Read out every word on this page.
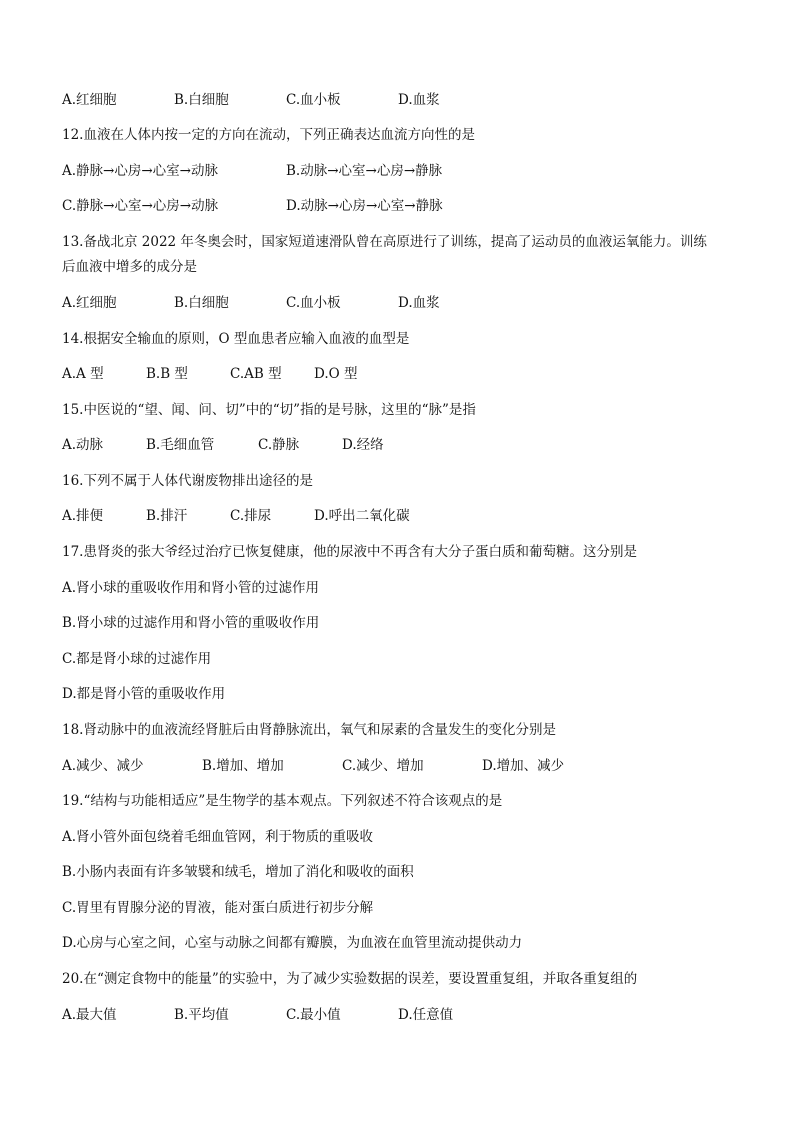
A.红细胞	B.白细胞	C.血小板	D.血浆
12.血液在人体内按一定的方向在流动，下列正确表达血流方向性的是
A.静脉→心房→心室→动脉	B.动脉→心室→心房→静脉
C.静脉→心室→心房→动脉	D.动脉→心房→心室→静脉
13.备战北京 2022 年冬奥会时，国家短道速滑队曾在高原进行了训练，提高了运动员的血液运氧能力。训练
后血液中增多的成分是
A.红细胞	B.白细胞	C.血小板	D.血浆
14.根据安全输血的原则，O 型血患者应输入血液的血型是
A.A 型	B.B 型	C.AB 型 D.O 型
15.中医说的“望、闻、问、切”中的“切”指的是号脉，这里的“脉”是指
A.动脉	B.毛细血管	C.静脉	D.经络
16.下列不属于人体代谢废物排出途径的是
A.排便	B.排汗	C.排尿	D.呼出二氧化碳
17.患肾炎的张大爷经过治疗已恢复健康，他的尿液中不再含有大分子蛋白质和葡萄糖。这分别是
A.肾小球的重吸收作用和肾小管的过滤作用
B.肾小球的过滤作用和肾小管的重吸收作用
C.都是肾小球的过滤作用
D.都是肾小管的重吸收作用
18.肾动脉中的血液流经肾脏后由肾静脉流出，氧气和尿素的含量发生的变化分别是
A.减少、减少	B.增加、增加	C.减少、增加	D.增加、减少
19.“结构与功能相适应”是生物学的基本观点。下列叙述不符合该观点的是
A.肾小管外面包绕着毛细血管网，利于物质的重吸收
B.小肠内表面有许多皱襞和绒毛，增加了消化和吸收的面积
C.胃里有胃腺分泌的胃液，能对蛋白质进行初步分解
D.心房与心室之间，心室与动脉之间都有瓣膜，为血液在血管里流动提供动力
20.在“测定食物中的能量”的实验中，为了减少实验数据的误差，要设置重复组，并取各重复组的
A.最大值	B.平均值	C.最小值	D.任意值
